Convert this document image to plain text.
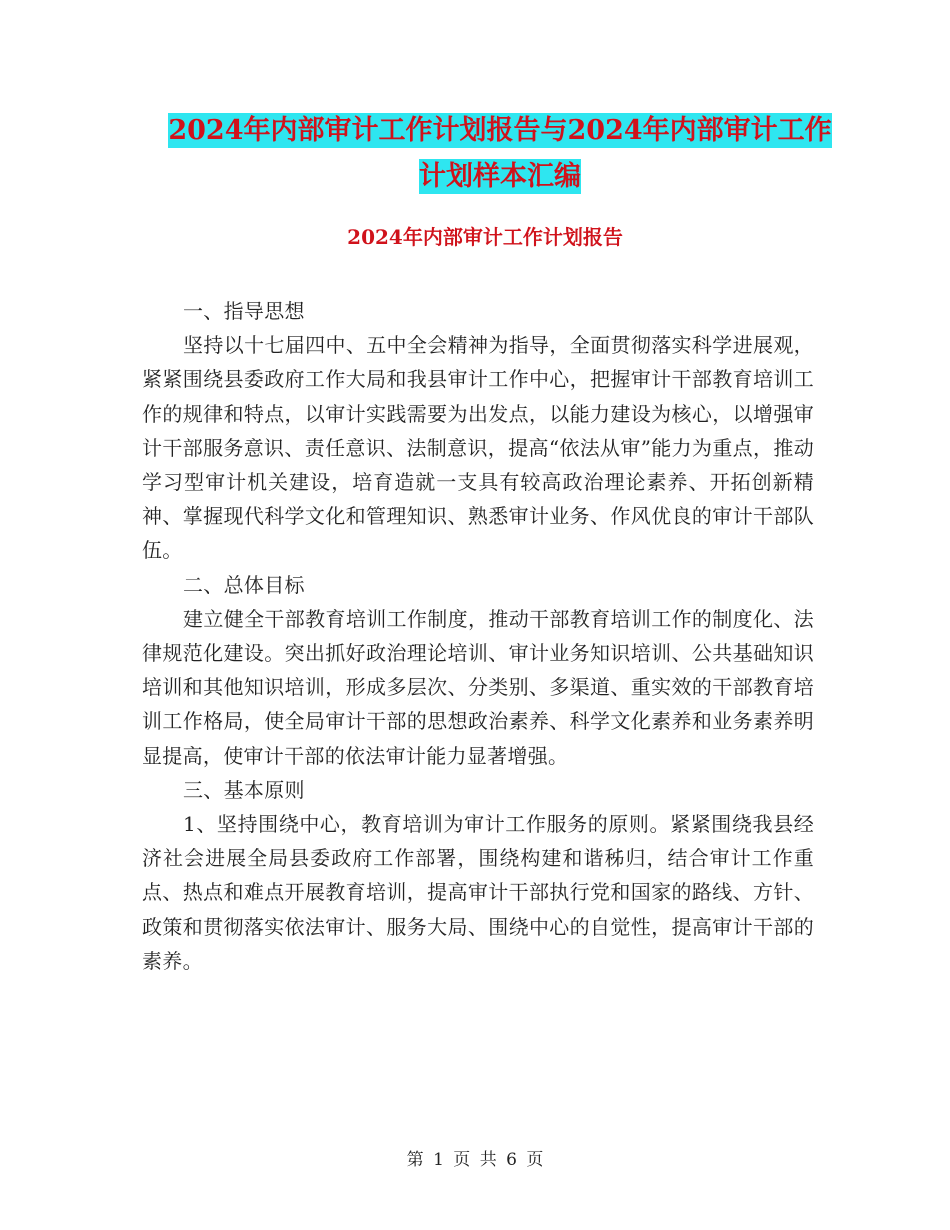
2024年内部审计工作计划报告与2024年内部审计工作
计划样本汇编
2024年内部审计工作计划报告

一、指导思想

坚持以十七届四中、五中全会精神为指导，全面贯彻落实科学进展观，紧紧围绕县委政府工作大局和我县审计工作中心，把握审计干部教育培训工作的规律和特点，以审计实践需要为出发点，以能力建设为核心，以增强审计干部服务意识、责任意识、法制意识，提高“依法从审”能力为重点，推动学习型审计机关建设，培育造就一支具有较高政治理论素养、开拓创新精神、掌握现代科学文化和管理知识、熟悉审计业务、作风优良的审计干部队伍。

二、总体目标

建立健全干部教育培训工作制度，推动干部教育培训工作的制度化、法律规范化建设。突出抓好政治理论培训、审计业务知识培训、公共基础知识培训和其他知识培训，形成多层次、分类别、多渠道、重实效的干部教育培训工作格局，使全局审计干部的思想政治素养、科学文化素养和业务素养明显提高，使审计干部的依法审计能力显著增强。

三、基本原则

1、坚持围绕中心，教育培训为审计工作服务的原则。紧紧围绕我县经济社会进展全局县委政府工作部署，围绕构建和谐秭归，结合审计工作重点、热点和难点开展教育培训，提高审计干部执行党和国家的路线、方针、政策和贯彻落实依法审计、服务大局、围绕中心的自觉性，提高审计干部的素养。

第 1 页 共 6 页
